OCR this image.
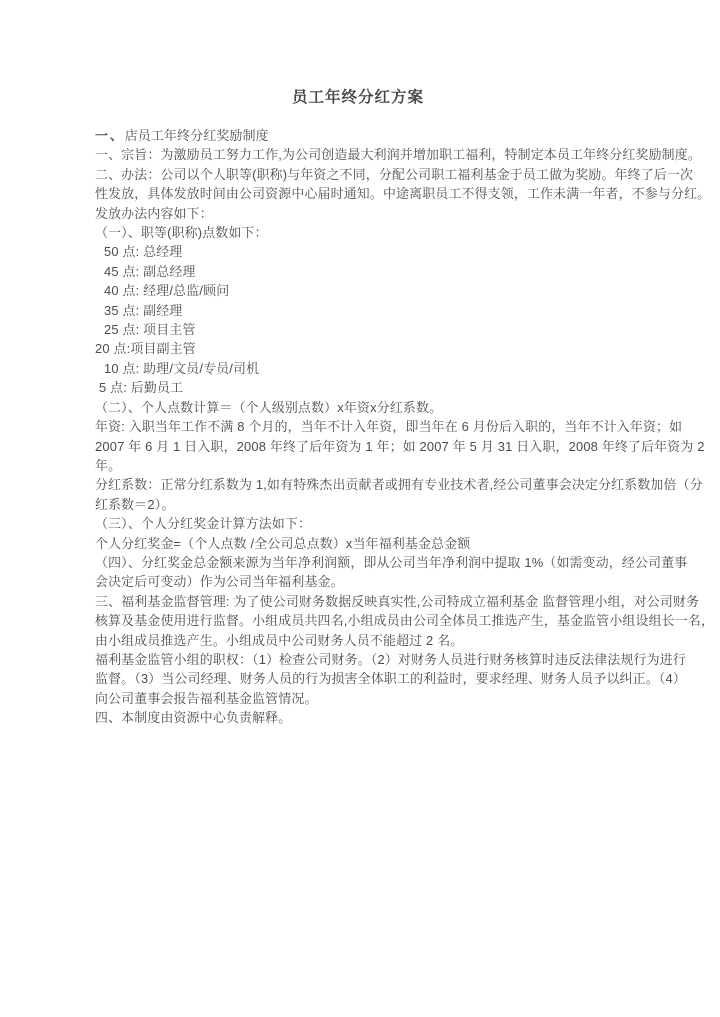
员工年终分红方案
一、店员工年终分红奖励制度
一、宗旨：为激励员工努力工作,为公司创造最大利润并增加职工福利，特制定本员工年终分红奖励制度。
二、办法：公司以个人职等(职称)与年资之不同，分配公司职工福利基金于员工做为奖励。年终了后一次
性发放，具体发放时间由公司资源中心届时通知。中途离职员工不得支领，工作未满一年者，不参与分红。
发放办法内容如下：
（一）、职等(职称)点数如下：
50 点: 总经理
45 点: 副总经理
40 点: 经理/总监/顾问
35 点: 副经理
25 点: 项目主管
20 点:项目副主管
10 点: 助理/文员/专员/司机
5 点: 后勤员工
（二）、个人点数计算＝（个人级别点数）x年资x分红系数。
年资: 入职当年工作不满 8 个月的，当年不计入年资，即当年在 6 月份后入职的，当年不计入年资；如
2007 年 6 月 1 日入职，2008 年终了后年资为 1 年；如 2007 年 5 月 31 日入职，2008 年终了后年资为 2
年。
分红系数：正常分红系数为 1,如有特殊杰出贡献者或拥有专业技术者,经公司董事会决定分红系数加倍（分
红系数＝2）。
（三）、个人分红奖金计算方法如下：
个人分红奖金=（个人点数 /全公司总点数）x当年福利基金总金额
（四）、分红奖金总金额来源为当年净利润额，即从公司当年净利润中提取 1%（如需变动，经公司董事
会决定后可变动）作为公司当年福利基金。
三、福利基金监督管理: 为了使公司财务数据反映真实性,公司特成立福利基金 监督管理小组，对公司财务
核算及基金使用进行监督。小组成员共四名,小组成员由公司全体员工推选产生，基金监管小组设组长一名，
由小组成员推选产生。小组成员中公司财务人员不能超过 2 名。
福利基金监管小组的职权：（1）检查公司财务。（2）对财务人员进行财务核算时违反法律法规行为进行
监督。（3）当公司经理、财务人员的行为损害全体职工的利益时，要求经理、财务人员予以纠正。（4）
向公司董事会报告福利基金监管情况。
四、本制度由资源中心负责解释。
